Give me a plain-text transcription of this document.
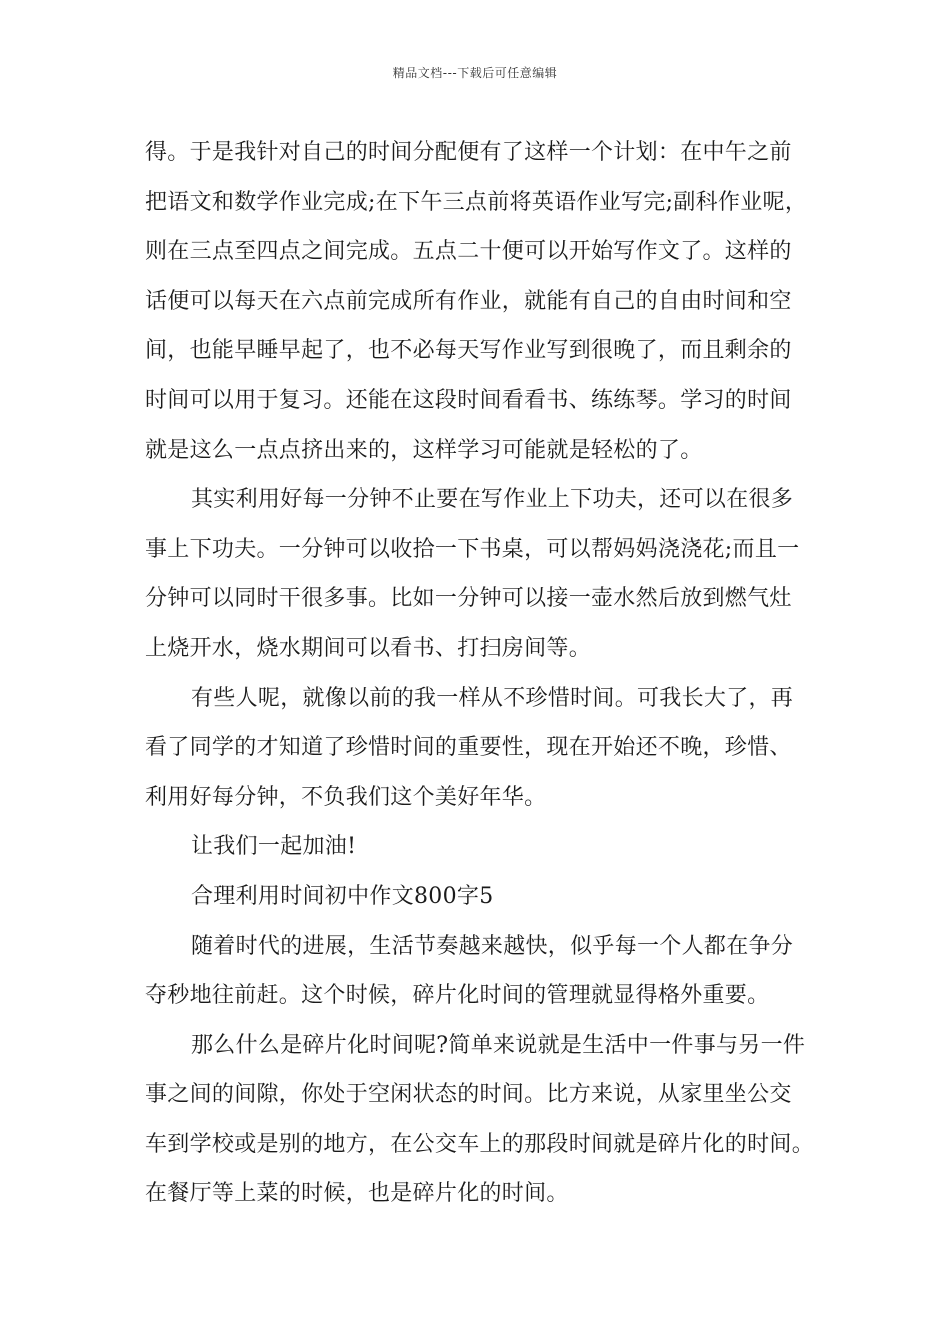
精品文档---下载后可任意编辑
得。于是我针对自己的时间分配便有了这样一个计划：在中午之前
把语文和数学作业完成;在下午三点前将英语作业写完;副科作业呢，
则在三点至四点之间完成。五点二十便可以开始写作文了。这样的
话便可以每天在六点前完成所有作业，就能有自己的自由时间和空
间，也能早睡早起了，也不必每天写作业写到很晚了，而且剩余的
时间可以用于复习。还能在这段时间看看书、练练琴。学习的时间
就是这么一点点挤出来的，这样学习可能就是轻松的了。
其实利用好每一分钟不止要在写作业上下功夫，还可以在很多
事上下功夫。一分钟可以收拾一下书桌，可以帮妈妈浇浇花;而且一
分钟可以同时干很多事。比如一分钟可以接一壶水然后放到燃气灶
上烧开水，烧水期间可以看书、打扫房间等。
有些人呢，就像以前的我一样从不珍惜时间。可我长大了，再
看了同学的才知道了珍惜时间的重要性，现在开始还不晚，珍惜、
利用好每分钟，不负我们这个美好年华。
让我们一起加油!
合理利用时间初中作文800字5
随着时代的进展，生活节奏越来越快，似乎每一个人都在争分
夺秒地往前赶。这个时候，碎片化时间的管理就显得格外重要。
那么什么是碎片化时间呢?简单来说就是生活中一件事与另一件
事之间的间隙，你处于空闲状态的时间。比方来说，从家里坐公交
车到学校或是别的地方，在公交车上的那段时间就是碎片化的时间。
在餐厅等上菜的时候，也是碎片化的时间。
